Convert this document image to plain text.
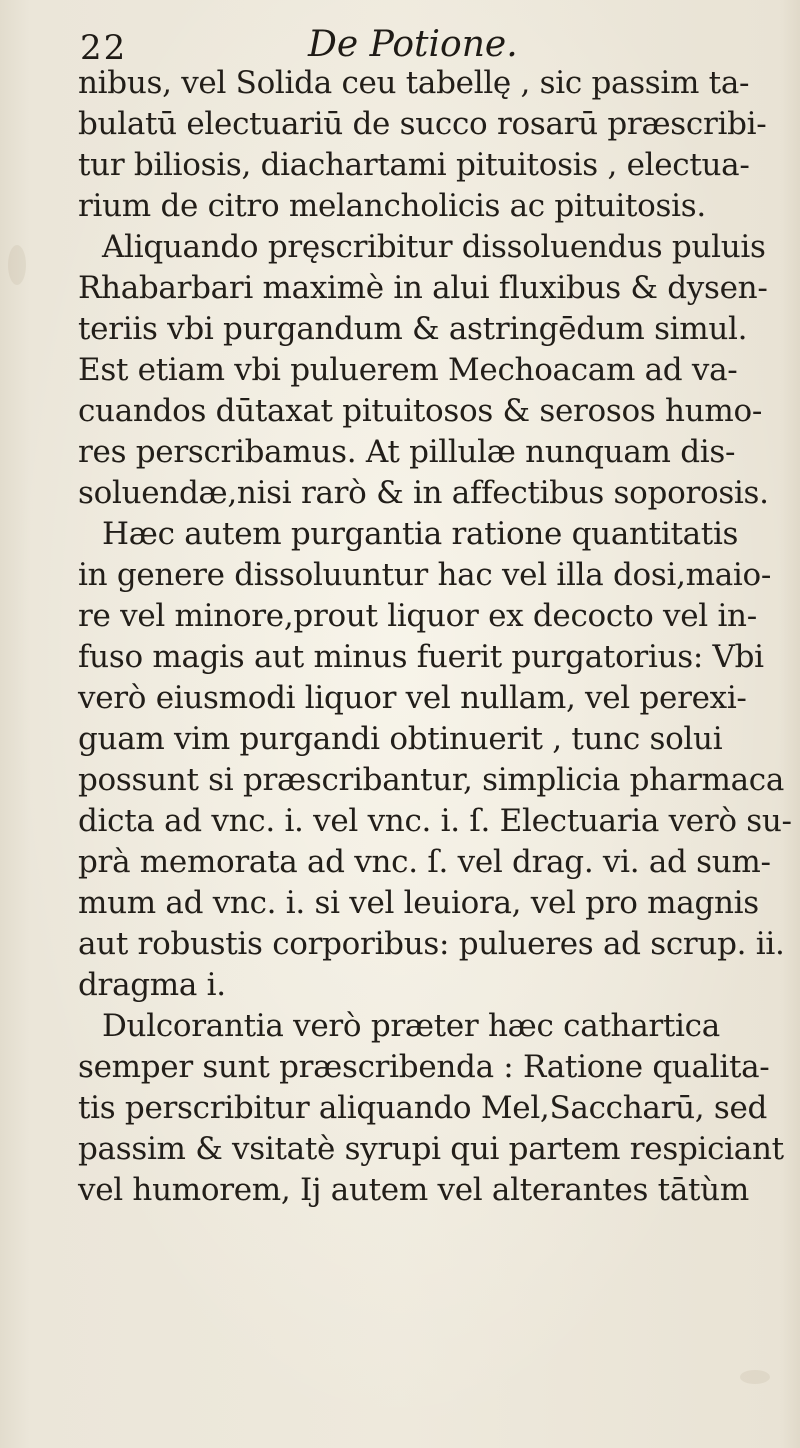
22	De Potione.
nibus, vel Solida ceu tabellę , sic passim ta-
bulatū electuariū de succo rosarū præscribi-
tur biliosis, diachartami pituitosis , electua-
rium de citro melancholicis ac pituitosis.
Aliquando pręscribitur dissoluendus puluis
Rhabarbari maximè in alui fluxibus & dysen-
teriis vbi purgandum & astringēdum simul.
Est etiam vbi puluerem Mechoacam ad va-
cuandos dūtaxat pituitosos & serosos humo-
res perscribamus. At pillulæ nunquam dis-
soluendæ,nisi rarò & in affectibus soporosis.
Hæc autem purgantia ratione quantitatis
in genere dissoluuntur hac vel illa dosi,maio-
re vel minore,prout liquor ex decocto vel in-
fuso magis aut minus fuerit purgatorius: Vbi
verò eiusmodi liquor vel nullam, vel perexi-
guam vim purgandi obtinuerit , tunc solui
possunt si præscribantur, simplicia pharmaca
dicta ad vnc. i. vel vnc. i. ſ. Electuaria verò su-
prà memorata ad vnc. ſ. vel drag. vi. ad sum-
mum ad vnc. i. si vel leuiora, vel pro magnis
aut robustis corporibus: pulueres ad scrup. ii.
dragma i.
Dulcorantia verò præter hæc cathartica
semper sunt præscribenda : Ratione qualita-
tis perscribitur aliquando Mel,Saccharū, sed
passim & vsitatè syrupi qui partem respiciant
vel humorem, Ij autem vel alterantes tātùm
